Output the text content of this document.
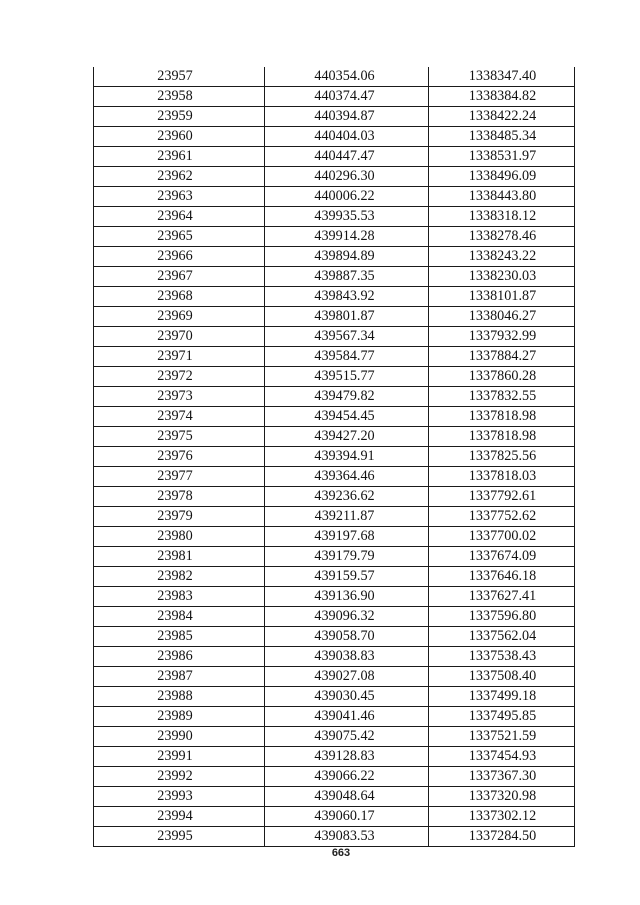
23957	440354.06	1338347.40
23958	440374.47	1338384.82
23959	440394.87	1338422.24
23960	440404.03	1338485.34
23961	440447.47	1338531.97
23962	440296.30	1338496.09
23963	440006.22	1338443.80
23964	439935.53	1338318.12
23965	439914.28	1338278.46
23966	439894.89	1338243.22
23967	439887.35	1338230.03
23968	439843.92	1338101.87
23969	439801.87	1338046.27
23970	439567.34	1337932.99
23971	439584.77	1337884.27
23972	439515.77	1337860.28
23973	439479.82	1337832.55
23974	439454.45	1337818.98
23975	439427.20	1337818.98
23976	439394.91	1337825.56
23977	439364.46	1337818.03
23978	439236.62	1337792.61
23979	439211.87	1337752.62
23980	439197.68	1337700.02
23981	439179.79	1337674.09
23982	439159.57	1337646.18
23983	439136.90	1337627.41
23984	439096.32	1337596.80
23985	439058.70	1337562.04
23986	439038.83	1337538.43
23987	439027.08	1337508.40
23988	439030.45	1337499.18
23989	439041.46	1337495.85
23990	439075.42	1337521.59
23991	439128.83	1337454.93
23992	439066.22	1337367.30
23993	439048.64	1337320.98
23994	439060.17	1337302.12
23995	439083.53	1337284.50
663
